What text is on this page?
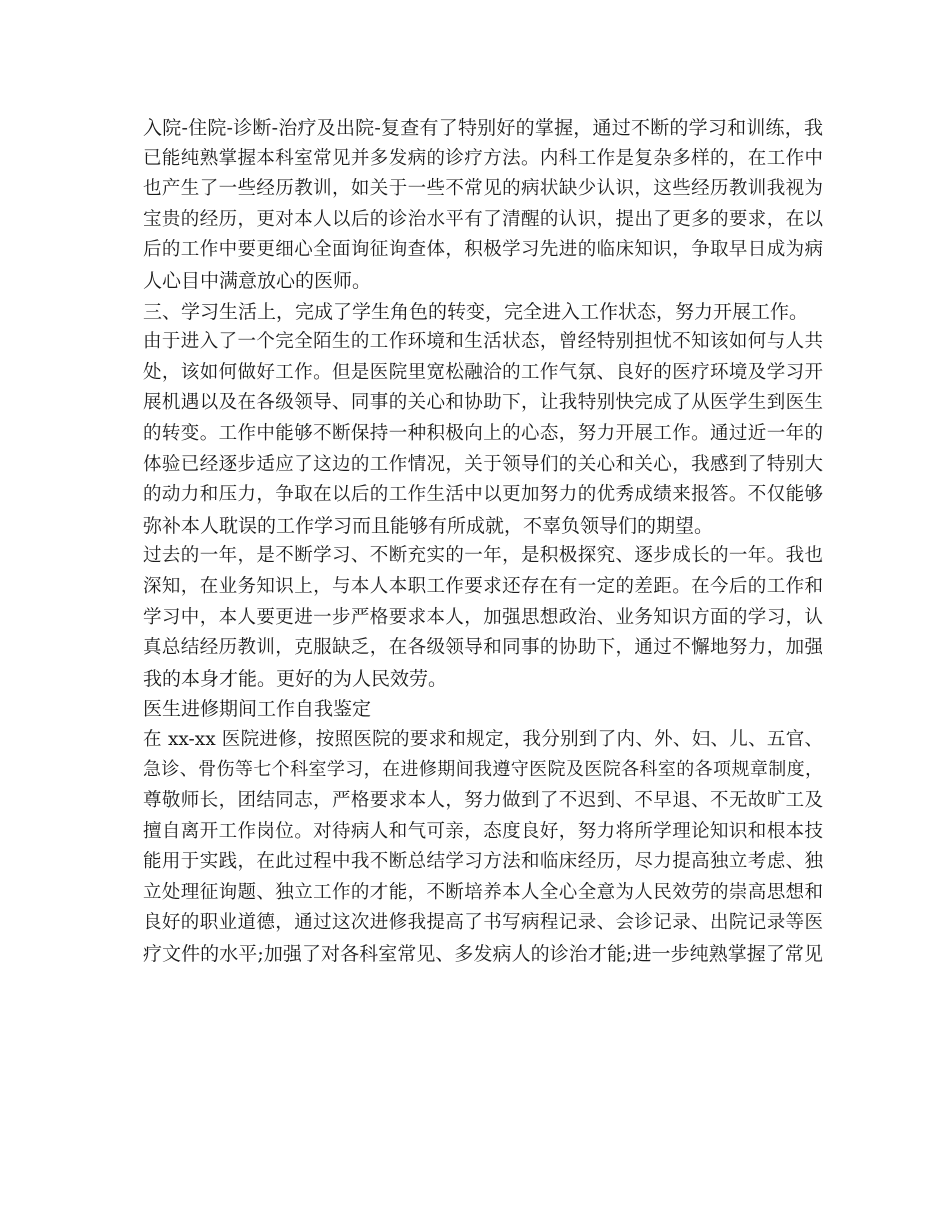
入院-住院-诊断-治疗及出院-复查有了特别好的掌握，通过不断的学习和训练，我
已能纯熟掌握本科室常见并多发病的诊疗方法。内科工作是复杂多样的，在工作中
也产生了一些经历教训，如关于一些不常见的病状缺少认识，这些经历教训我视为
宝贵的经历，更对本人以后的诊治水平有了清醒的认识，提出了更多的要求，在以
后的工作中要更细心全面询征询查体，积极学习先进的临床知识，争取早日成为病
人心目中满意放心的医师。
三、学习生活上，完成了学生角色的转变，完全进入工作状态，努力开展工作。
由于进入了一个完全陌生的工作环境和生活状态，曾经特别担忧不知该如何与人共
处，该如何做好工作。但是医院里宽松融洽的工作气氛、良好的医疗环境及学习开
展机遇以及在各级领导、同事的关心和协助下，让我特别快完成了从医学生到医生
的转变。工作中能够不断保持一种积极向上的心态，努力开展工作。通过近一年的
体验已经逐步适应了这边的工作情况，关于领导们的关心和关心，我感到了特别大
的动力和压力，争取在以后的工作生活中以更加努力的优秀成绩来报答。不仅能够
弥补本人耽误的工作学习而且能够有所成就，不辜负领导们的期望。
过去的一年，是不断学习、不断充实的一年，是积极探究、逐步成长的一年。我也
深知，在业务知识上，与本人本职工作要求还存在有一定的差距。在今后的工作和
学习中，本人要更进一步严格要求本人，加强思想政治、业务知识方面的学习，认
真总结经历教训，克服缺乏，在各级领导和同事的协助下，通过不懈地努力，加强
我的本身才能。更好的为人民效劳。
医生进修期间工作自我鉴定
在 xx-xx 医院进修，按照医院的要求和规定，我分别到了内、外、妇、儿、五官、
急诊、骨伤等七个科室学习，在进修期间我遵守医院及医院各科室的各项规章制度，
尊敬师长，团结同志，严格要求本人，努力做到了不迟到、不早退、不无故旷工及
擅自离开工作岗位。对待病人和气可亲，态度良好，努力将所学理论知识和根本技
能用于实践，在此过程中我不断总结学习方法和临床经历，尽力提高独立考虑、独
立处理征询题、独立工作的才能，不断培养本人全心全意为人民效劳的崇高思想和
良好的职业道德，通过这次进修我提高了书写病程记录、会诊记录、出院记录等医
疗文件的水平;加强了对各科室常见、多发病人的诊治才能;进一步纯熟掌握了常见
